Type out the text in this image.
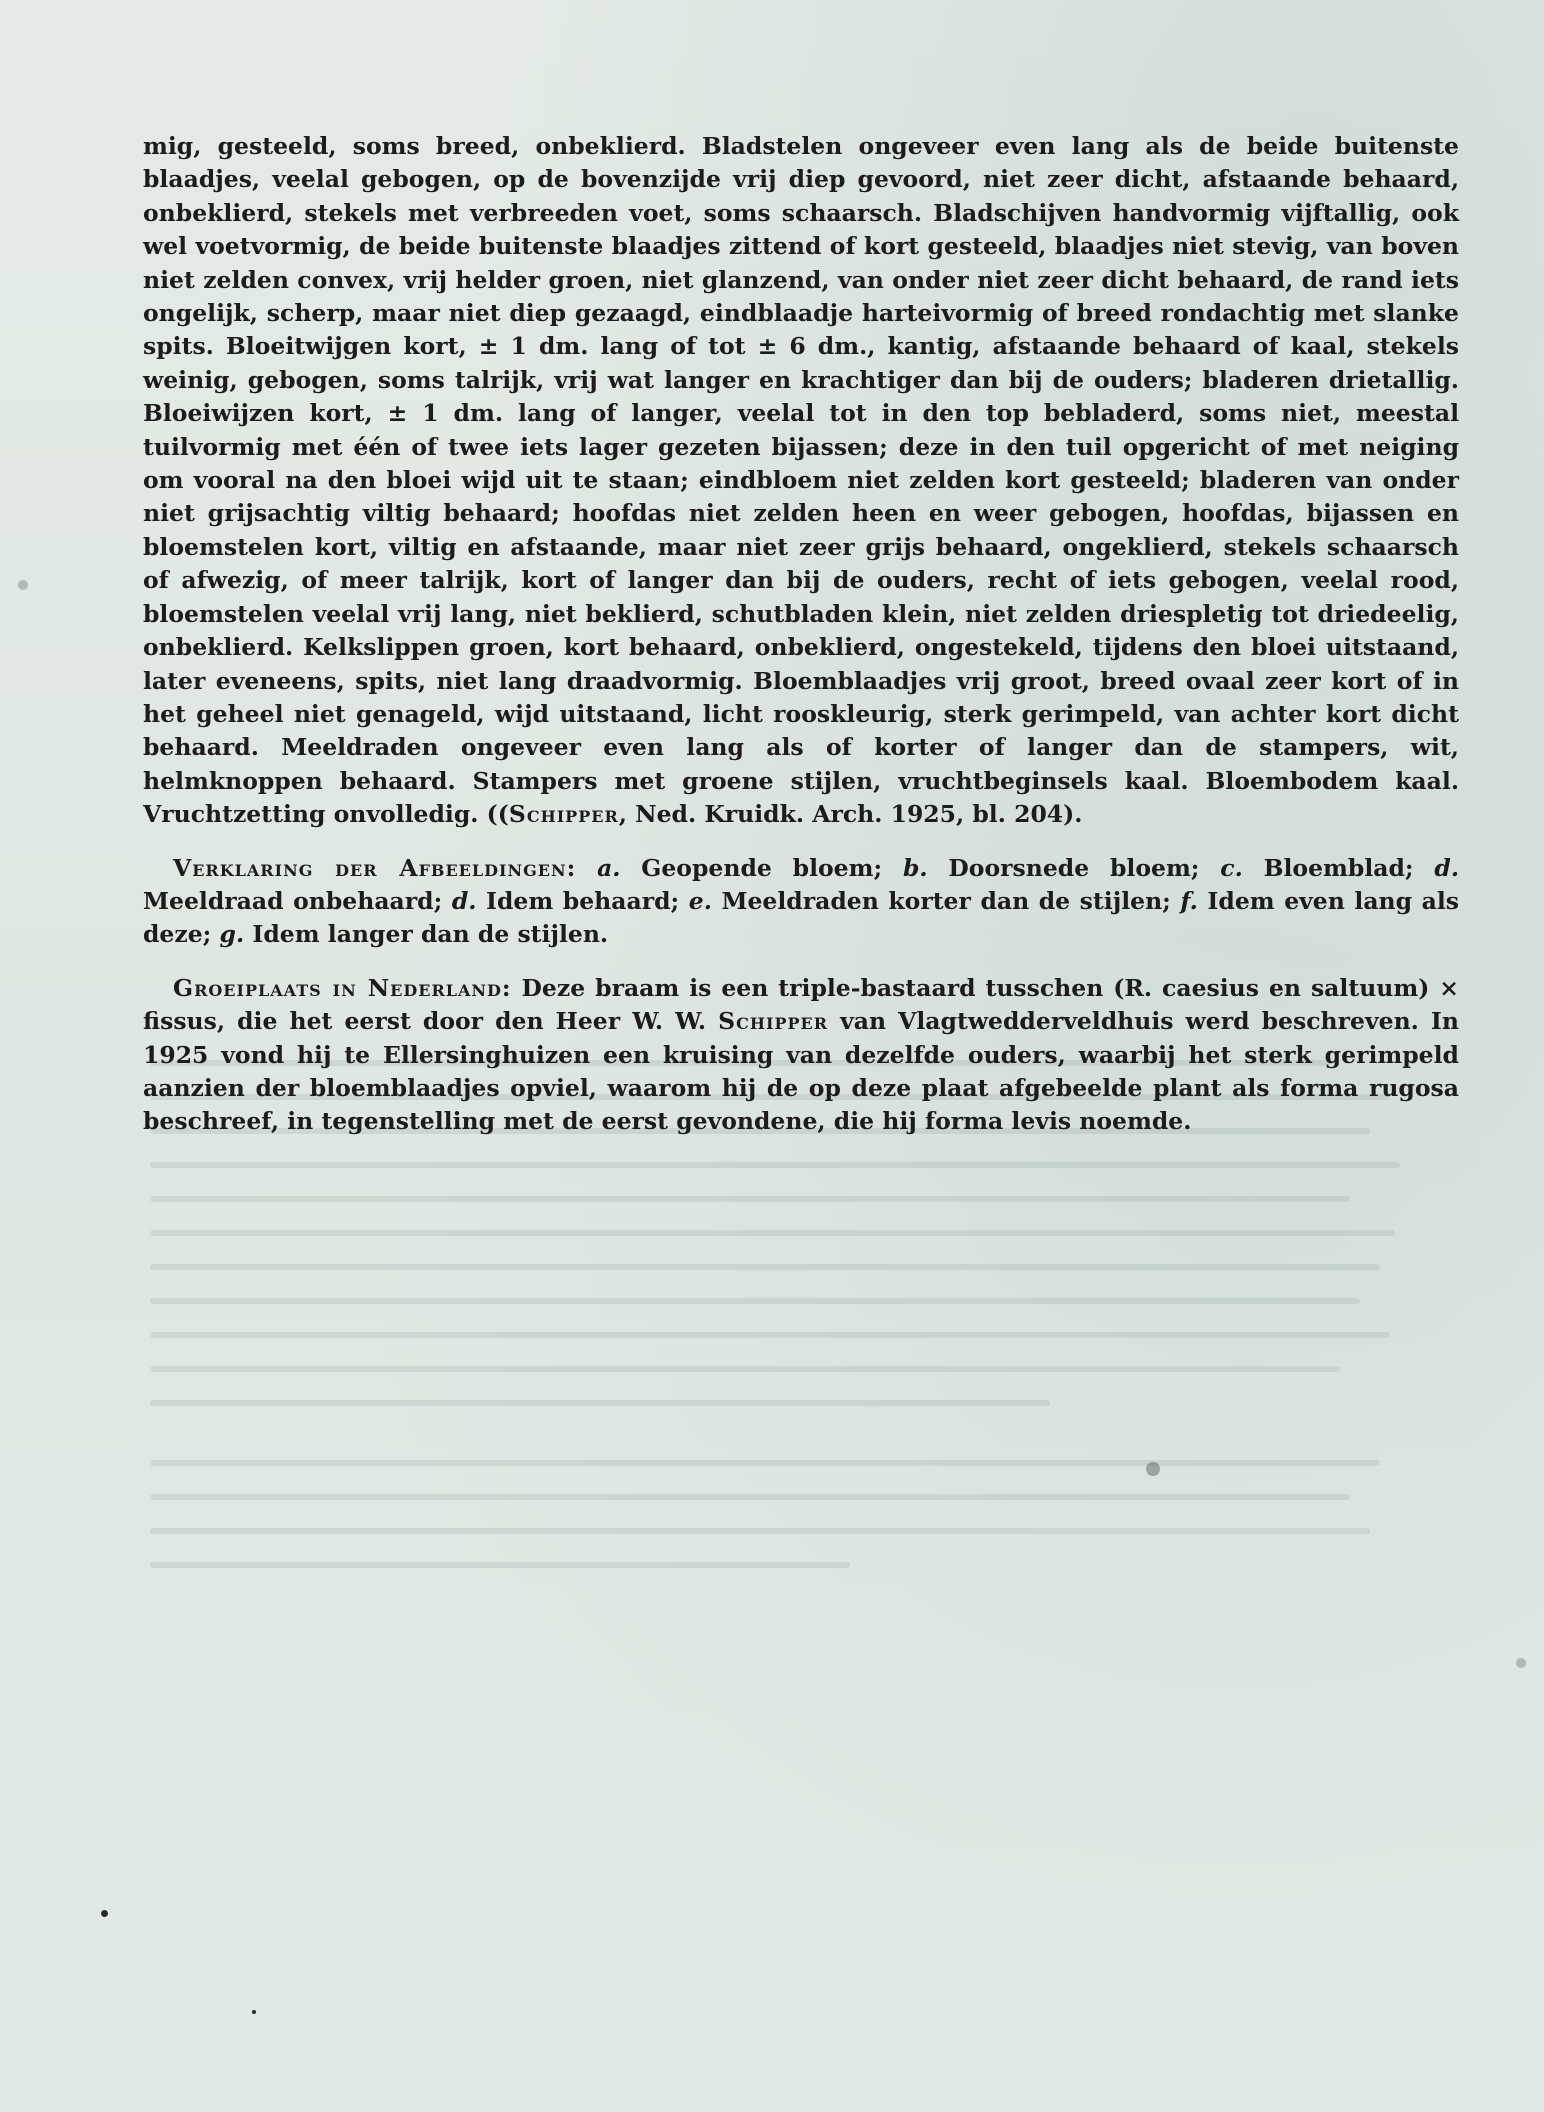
mig, gesteeld, soms breed, onbeklierd. Bladstelen ongeveer even lang als de beide buitenste blaadjes, veelal gebogen, op de bovenzijde vrij diep gevoord, niet zeer dicht, afstaande behaard, onbeklierd, stekels met verbreeden voet, soms schaarsch. Bladschijven handvormig vijftallig, ook wel voetvormig, de beide buitenste blaadjes zittend of kort gesteeld, blaadjes niet stevig, van boven niet zelden convex, vrij helder groen, niet glanzend, van onder niet zeer dicht behaard, de rand iets ongelijk, scherp, maar niet diep gezaagd, eindblaadje harteivormig of breed rondachtig met slanke spits. Bloeitwijgen kort, ± 1 dm. lang of tot ± 6 dm., kantig, afstaande behaard of kaal, stekels weinig, gebogen, soms talrijk, vrij wat langer en krachtiger dan bij de ouders; bladeren drietallig. Bloeiwijzen kort, ± 1 dm. lang of langer, veelal tot in den top bebladerd, soms niet, meestal tuilvormig met één of twee iets lager gezeten bijassen; deze in den tuil opgericht of met neiging om vooral na den bloei wijd uit te staan; eindbloem niet zelden kort gesteeld; bladeren van onder niet grijsachtig viltig behaard; hoofdas niet zelden heen en weer gebogen, hoofdas, bijassen en bloemstelen kort, viltig en afstaande, maar niet zeer grijs behaard, ongeklierd, stekels schaarsch of afwezig, of meer talrijk, kort of langer dan bij de ouders, recht of iets gebogen, veelal rood, bloemstelen veelal vrij lang, niet beklierd, schutbladen klein, niet zelden driespletig tot driedeelig, onbeklierd. Kelkslippen groen, kort behaard, onbeklierd, ongestekeld, tijdens den bloei uitstaand, later eveneens, spits, niet lang draadvormig. Bloemblaadjes vrij groot, breed ovaal zeer kort of in het geheel niet genageld, wijd uitstaand, licht rooskleurig, sterk gerimpeld, van achter kort dicht behaard. Meeldraden ongeveer even lang als of korter of langer dan de stampers, wit, helmknoppen behaard. Stampers met groene stijlen, vruchtbeginsels kaal. Bloembodem kaal. Vruchtzetting onvolledig. ((Schipper, Ned. Kruidk. Arch. 1925, bl. 204).

Verklaring der Afbeeldingen: a. Geopende bloem; b. Doorsnede bloem; c. Bloemblad; d. Meeldraad onbehaard; d. Idem behaard; e. Meeldraden korter dan de stijlen; f. Idem even lang als deze; g. Idem langer dan de stijlen.

Groeiplaats in Nederland: Deze braam is een triple-bastaard tusschen (R. caesius en saltuum) × fissus, die het eerst door den Heer W. W. Schipper van Vlagtwedderveldhuis werd beschreven. In 1925 vond hij te Ellersinghuizen een kruising van dezelfde ouders, waarbij het sterk gerimpeld aanzien der bloemblaadjes opviel, waarom hij de op deze plaat afgebeelde plant als forma rugosa beschreef, in tegenstelling met de eerst gevondene, die hij forma levis noemde.
